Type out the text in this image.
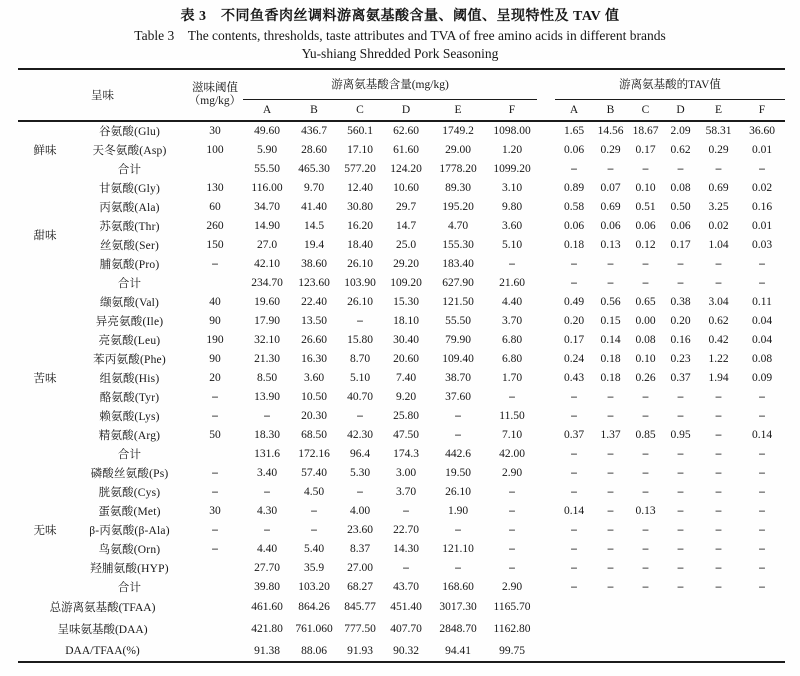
表 3　不同鱼香肉丝调料游离氨基酸含量、阈值、呈现特性及 TAV 值
Table 3　The contents, thresholds, taste attributes and TVA of free amino acids in different brands
Yu-shiang Shredded Pork Seasoning
呈味		滋味阈值
（mg/kg）	游离氨基酸含量(mg/kg)							游离氨基酸的TAV值					
			A	B	C	D	E	F		A	B	C	D	E	F
鲜味	谷氨酸(Glu)	30	49.60	436.7	560.1	62.60	1749.2	1098.00		1.65	14.56	18.67	2.09	58.31	36.60
	天冬氨酸(Asp)	100	5.90	28.60	17.10	61.60	29.00	1.20		0.06	0.29	0.17	0.62	0.29	0.01
	合计		55.50	465.30	577.20	124.20	1778.20	1099.20		–	–	–	–	–	–
甜味	甘氨酸(Gly)	130	116.00	9.70	12.40	10.60	89.30	3.10		0.89	0.07	0.10	0.08	0.69	0.02
	丙氨酸(Ala)	60	34.70	41.40	30.80	29.7	195.20	9.80		0.58	0.69	0.51	0.50	3.25	0.16
	苏氨酸(Thr)	260	14.90	14.5	16.20	14.7	4.70	3.60		0.06	0.06	0.06	0.06	0.02	0.01
	丝氨酸(Ser)	150	27.0	19.4	18.40	25.0	155.30	5.10		0.18	0.13	0.12	0.17	1.04	0.03
	脯氨酸(Pro)	–	42.10	38.60	26.10	29.20	183.40	–		–	–	–	–	–	–
	合计		234.70	123.60	103.90	109.20	627.90	21.60		–	–	–	–	–	–
苦味	缬氨酸(Val)	40	19.60	22.40	26.10	15.30	121.50	4.40		0.49	0.56	0.65	0.38	3.04	0.11
	异亮氨酸(Ile)	90	17.90	13.50	–	18.10	55.50	3.70		0.20	0.15	0.00	0.20	0.62	0.04
	亮氨酸(Leu)	190	32.10	26.60	15.80	30.40	79.90	6.80		0.17	0.14	0.08	0.16	0.42	0.04
	苯丙氨酸(Phe)	90	21.30	16.30	8.70	20.60	109.40	6.80		0.24	0.18	0.10	0.23	1.22	0.08
	组氨酸(His)	20	8.50	3.60	5.10	7.40	38.70	1.70		0.43	0.18	0.26	0.37	1.94	0.09
	酪氨酸(Tyr)	–	13.90	10.50	40.70	9.20	37.60	–		–	–	–	–	–	–
	赖氨酸(Lys)	–	–	20.30	–	25.80	–	11.50		–	–	–	–	–	–
	精氨酸(Arg)	50	18.30	68.50	42.30	47.50	–	7.10		0.37	1.37	0.85	0.95	–	0.14
	合计		131.6	172.16	96.4	174.3	442.6	42.00		–	–	–	–	–	–
无味	磷酸丝氨酸(Ps)	–	3.40	57.40	5.30	3.00	19.50	2.90		–	–	–	–	–	–
	胱氨酸(Cys)	–	–	4.50	–	3.70	26.10	–		–	–	–	–	–	–
	蛋氨酸(Met)	30	4.30	–	4.00	–	1.90	–		0.14	–	0.13	–	–	–
	β-丙氨酸(β-Ala)	–	–	–	23.60	22.70	–	–		–	–	–	–	–	–
	鸟氨酸(Orn)	–	4.40	5.40	8.37	14.30	121.10	–		–	–	–	–	–	–
	羟脯氨酸(HYP)		27.70	35.9	27.00	–	–	–		–	–	–	–	–	–
	合计		39.80	103.20	68.27	43.70	168.60	2.90		–	–	–	–	–	–
总游离氨基酸(TFAA)			461.60	864.26	845.77	451.40	3017.30	1165.70							
呈味氨基酸(DAA)			421.80	761.060	777.50	407.70	2848.70	1162.80							
DAA/TFAA(%)			91.38	88.06	91.93	90.32	94.41	99.75							
